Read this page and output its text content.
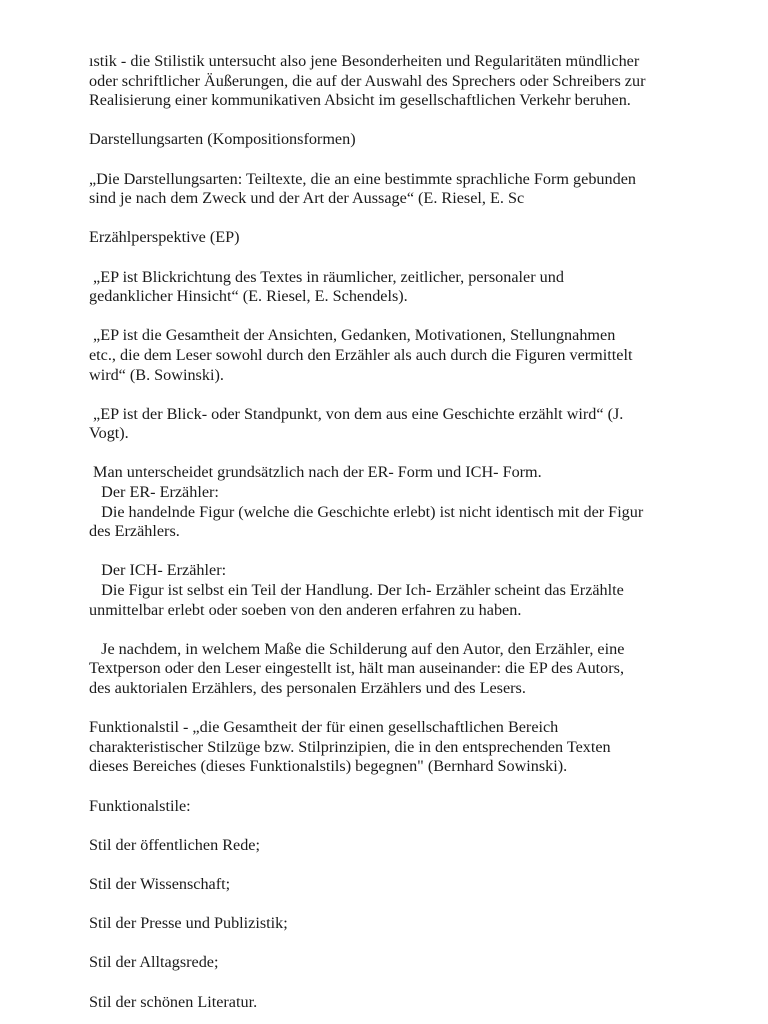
ıstik - die Stilistik untersucht also jene Besonderheiten und Regularitäten mündlicher
oder schriftlicher Äußerungen, die auf der Auswahl des Sprechers oder Schreibers zur
Realisierung einer kommunikativen Absicht im gesellschaftlichen Verkehr beruhen.
Darstellungsarten (Kompositionsformen)
„Die Darstellungsarten: Teiltexte, die an eine bestimmte sprachliche Form gebunden
sind je nach dem Zweck und der Art der Aussage“ (E. Riesel, E. Sc
Erzählperspektive (EP)
„EP ist Blickrichtung des Textes in räumlicher, zeitlicher, personaler und
gedanklicher Hinsicht“ (E. Riesel, E. Schendels).
„EP ist die Gesamtheit der Ansichten, Gedanken, Motivationen, Stellungnahmen
etc., die dem Leser sowohl durch den Erzähler als auch durch die Figuren vermittelt
wird“ (B. Sowinski).
„EP ist der Blick- oder Standpunkt, von dem aus eine Geschichte erzählt wird“ (J.
Vogt).
Man unterscheidet grundsätzlich nach der ER- Form und ICH- Form.
Der ER- Erzähler:
Die handelnde Figur (welche die Geschichte erlebt) ist nicht identisch mit der Figur
des Erzählers.
Der ICH- Erzähler:
Die Figur ist selbst ein Teil der Handlung. Der Ich- Erzähler scheint das Erzählte
unmittelbar erlebt oder soeben von den anderen erfahren zu haben.
Je nachdem, in welchem Maße die Schilderung auf den Autor, den Erzähler, eine
Textperson oder den Leser eingestellt ist, hält man auseinander: die EP des Autors,
des auktorialen Erzählers, des personalen Erzählers und des Lesers.
Funktionalstil - „die Gesamtheit der für einen gesellschaftlichen Bereich
charakteristischer Stilzüge bzw. Stilprinzipien, die in den entsprechenden Texten
dieses Bereiches (dieses Funktionalstils) begegnen" (Bernhard Sowinski).
Funktionalstile:
Stil der öffentlichen Rede;
Stil der Wissenschaft;
Stil der Presse und Publizistik;
Stil der Alltagsrede;
Stil der schönen Literatur.
